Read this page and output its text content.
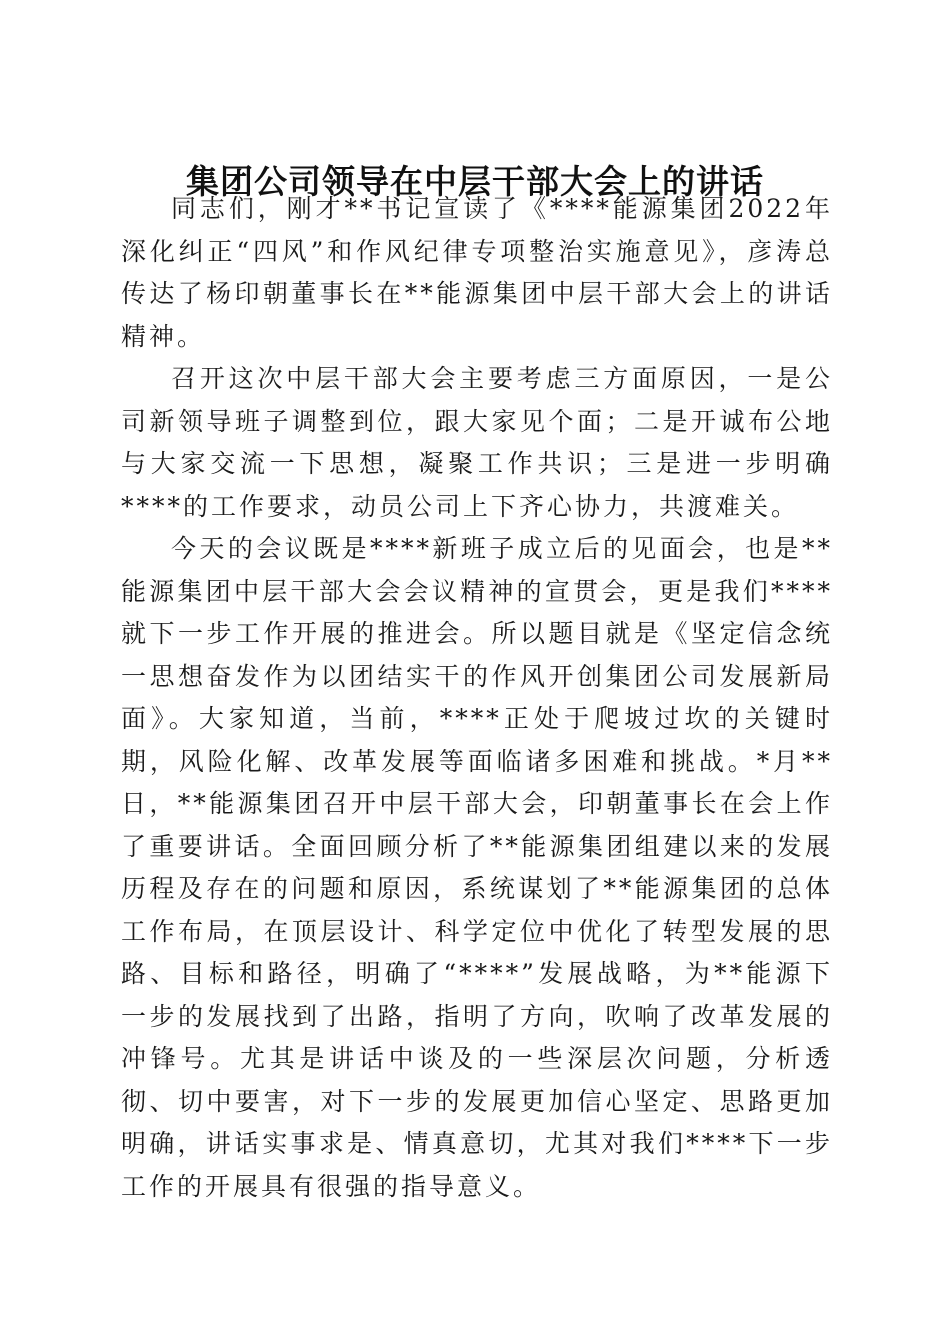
集团公司领导在中层干部大会上的讲话

同志们，刚才**书记宣读了《****能源集团2022年深化纠正“四风”和作风纪律专项整治实施意见》，彦涛总传达了杨印朝董事长在**能源集团中层干部大会上的讲话精神。

召开这次中层干部大会主要考虑三方面原因，一是公司新领导班子调整到位，跟大家见个面；二是开诚布公地与大家交流一下思想，凝聚工作共识；三是进一步明确****的工作要求，动员公司上下齐心协力，共渡难关。

今天的会议既是****新班子成立后的见面会，也是**能源集团中层干部大会会议精神的宣贯会，更是我们****就下一步工作开展的推进会。所以题目就是《坚定信念统一思想奋发作为以团结实干的作风开创集团公司发展新局面》。大家知道，当前，****正处于爬坡过坎的关键时期，风险化解、改革发展等面临诸多困难和挑战。*月**日，**能源集团召开中层干部大会，印朝董事长在会上作了重要讲话。全面回顾分析了**能源集团组建以来的发展历程及存在的问题和原因，系统谋划了**能源集团的总体工作布局，在顶层设计、科学定位中优化了转型发展的思路、目标和路径，明确了“****”发展战略，为**能源下一步的发展找到了出路，指明了方向，吹响了改革发展的冲锋号。尤其是讲话中谈及的一些深层次问题，分析透彻、切中要害，对下一步的发展更加信心坚定、思路更加明确，讲话实事求是、情真意切，尤其对我们****下一步工作的开展具有很强的指导意义。
